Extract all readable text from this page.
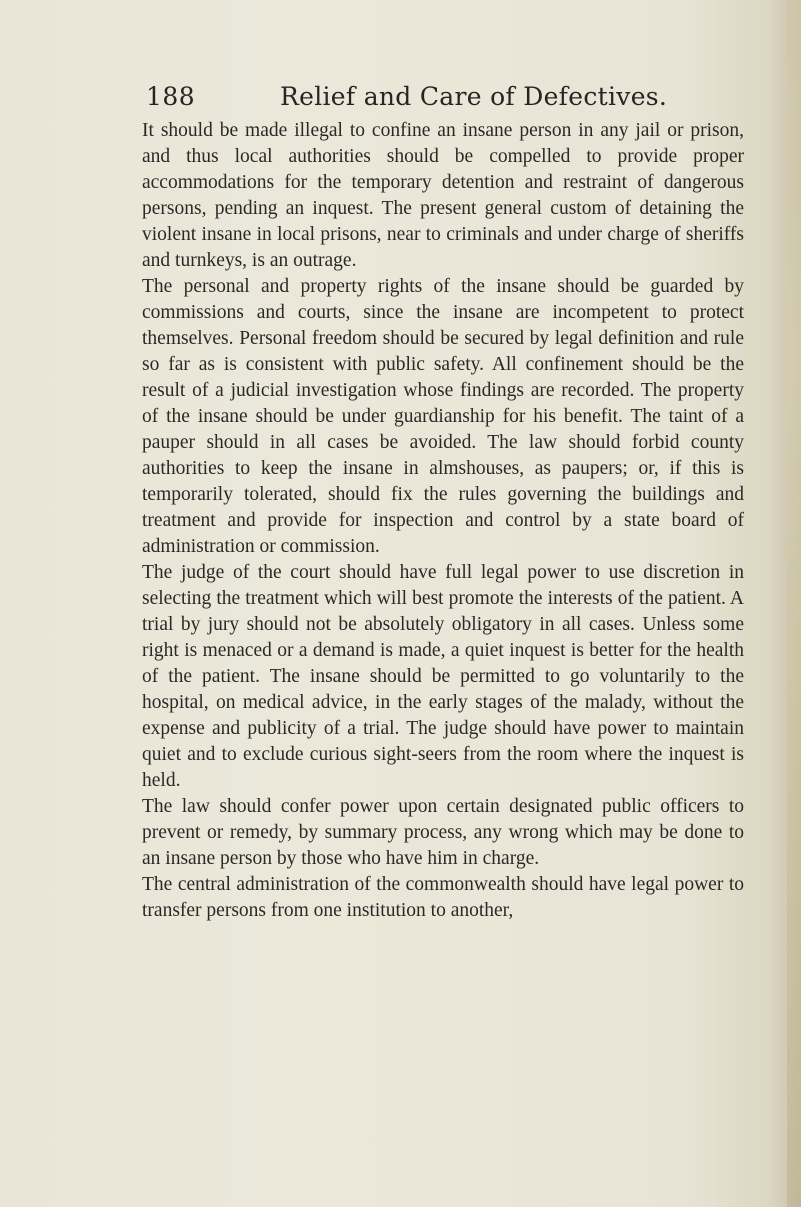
188	Relief and Care of Defectives.

It should be made illegal to confine an insane person in any jail or prison, and thus local authorities should be compelled to provide proper accommodations for the temporary detention and restraint of dangerous persons, pending an inquest. The present general custom of detaining the violent insane in local prisons, near to criminals and under charge of sheriffs and turnkeys, is an outrage.

The personal and property rights of the insane should be guarded by commissions and courts, since the insane are incompetent to protect themselves. Personal freedom should be secured by legal definition and rule so far as is consistent with public safety. All confinement should be the result of a judicial investigation whose findings are recorded. The property of the insane should be under guardianship for his benefit. The taint of a pauper should in all cases be avoided. The law should forbid county authorities to keep the insane in almshouses, as paupers; or, if this is temporarily tolerated, should fix the rules governing the buildings and treatment and provide for inspection and control by a state board of administration or commission.

The judge of the court should have full legal power to use discretion in selecting the treatment which will best promote the interests of the patient. A trial by jury should not be absolutely obligatory in all cases. Unless some right is menaced or a demand is made, a quiet inquest is better for the health of the patient. The insane should be permitted to go voluntarily to the hospital, on medical advice, in the early stages of the malady, without the expense and publicity of a trial. The judge should have power to maintain quiet and to exclude curious sight-seers from the room where the inquest is held.

The law should confer power upon certain designated public officers to prevent or remedy, by summary process, any wrong which may be done to an insane person by those who have him in charge.

The central administration of the commonwealth should have legal power to transfer persons from one institution to another,
